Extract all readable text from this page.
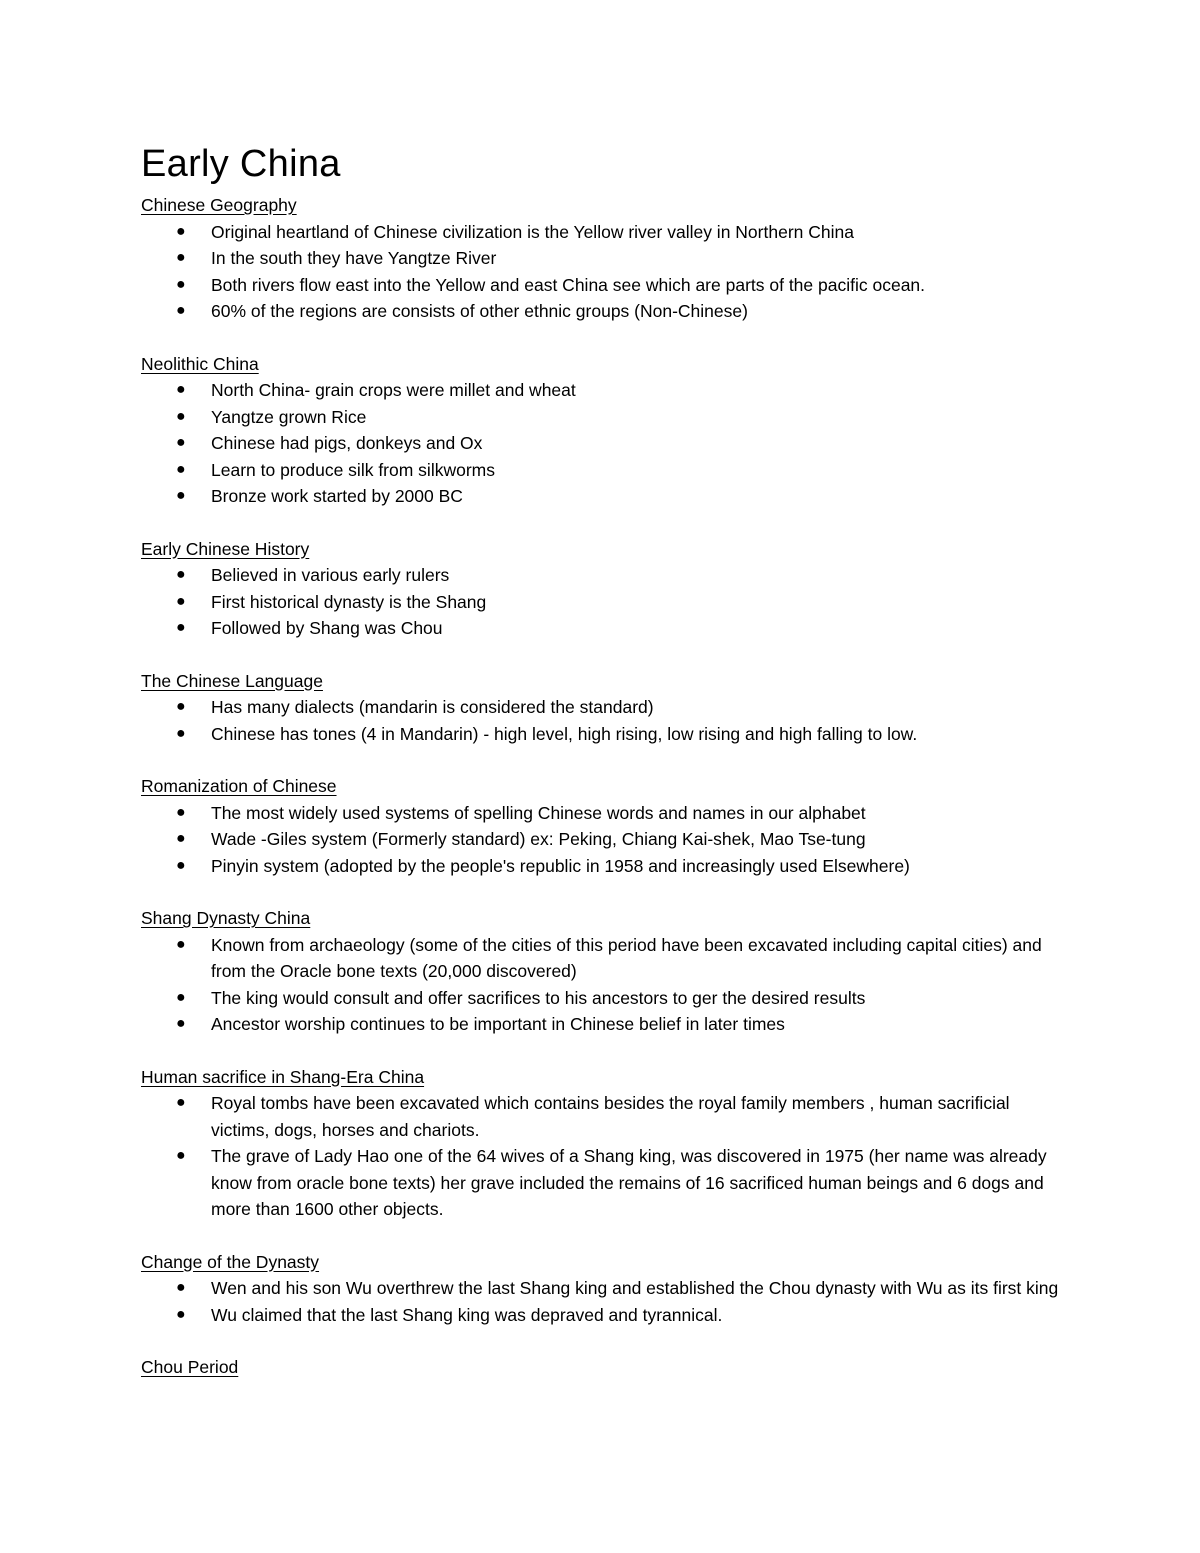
Early China
Chinese Geography
● Original heartland of Chinese civilization is the Yellow river valley in Northern China
● In the south they have Yangtze River
● Both rivers flow east into the Yellow and east China see which are parts of the pacific ocean.
● 60% of the regions are consists of other ethnic groups (Non-Chinese)
Neolithic China
● North China- grain crops were millet and wheat
● Yangtze grown Rice
● Chinese had pigs, donkeys and Ox
● Learn to produce silk from silkworms
● Bronze work started by 2000 BC
Early Chinese History
● Believed in various early rulers
● First historical dynasty is the Shang
● Followed by Shang was Chou
The Chinese Language
● Has many dialects (mandarin is considered the standard)
● Chinese has tones (4 in Mandarin) - high level, high rising, low rising and high falling to low.
Romanization of Chinese
● The most widely used systems of spelling Chinese words and names in our alphabet
● Wade -Giles system (Formerly standard) ex: Peking, Chiang Kai-shek, Mao Tse-tung
● Pinyin system (adopted by the people's republic in 1958 and increasingly used Elsewhere)
Shang Dynasty China
● Known from archaeology (some of the cities of this period have been excavated including capital cities) and from the Oracle bone texts (20,000 discovered)
● The king would consult and offer sacrifices to his ancestors to ger the desired results
● Ancestor worship continues to be important in Chinese belief in later times
Human sacrifice in Shang-Era China
● Royal tombs have been excavated which contains besides the royal family members , human sacrificial victims, dogs, horses and chariots.
● The grave of Lady Hao one of the 64 wives of a Shang king, was discovered in 1975 (her name was already know from oracle bone texts) her grave included the remains of 16 sacrificed human beings and 6 dogs and more than 1600 other objects.
Change of the Dynasty
● Wen and his son Wu overthrew the last Shang king and established the Chou dynasty with Wu as its first king
● Wu claimed that the last Shang king was depraved and tyrannical.
Chou Period
